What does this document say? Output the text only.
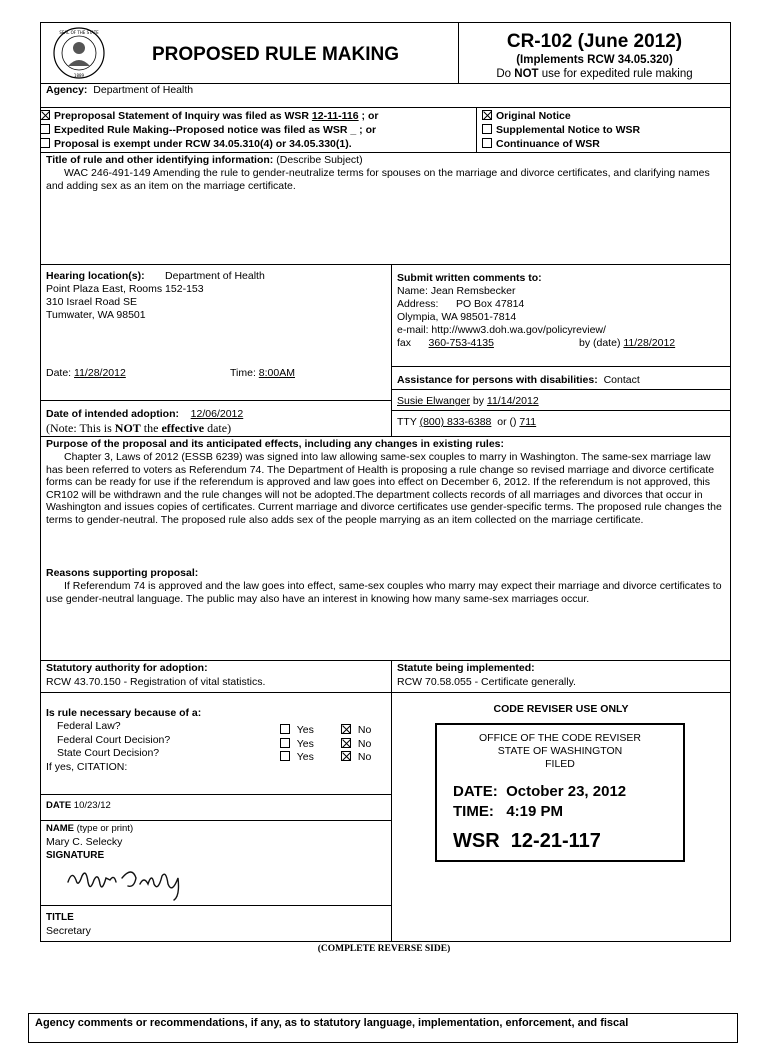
SEAL OF THE STATE
1889
PROPOSED RULE MAKING
CR-102 (June 2012)
(Implements RCW 34.05.320)
Do NOT use for expedited rule making
Agency: Department of Health
Preproposal Statement of Inquiry was filed as WSR 12-11-116 ; or
Expedited Rule Making--Proposed notice was filed as WSR _ ; or
Proposal is exempt under RCW 34.05.310(4) or 34.05.330(1).
Original Notice
Supplemental Notice to WSR
Continuance of WSR
Title of rule and other identifying information: (Describe Subject)
WAC 246-491-149 Amending the rule to gender-neutralize terms for spouses on the marriage and divorce certificates, and clarifying names and adding sex as an item on the marriage certificate.
Hearing location(s): Department of Health
Point Plaza East, Rooms 152-153
310 Israel Road SE
Tumwater, WA 98501
Date: 11/28/2012	Time: 8:00AM
Submit written comments to:
Name: Jean Remsbecker
Address: PO Box 47814
Olympia, WA 98501-7814
e-mail: http://www3.doh.wa.gov/policyreview/
fax 360-753-4135	by (date) 11/28/2012
Date of intended adoption: 12/06/2012
(Note: This is NOT the effective date)
Assistance for persons with disabilities: Contact
Susie Elwanger by 11/14/2012
TTY (800) 833-6388 or () 711
Purpose of the proposal and its anticipated effects, including any changes in existing rules:
Chapter 3, Laws of 2012 (ESSB 6239) was signed into law allowing same-sex couples to marry in Washington. The same-sex marriage law has been referred to voters as Referendum 74. The Department of Health is proposing a rule change so revised marriage and divorce certificate forms can be ready for use if the referendum is approved and law goes into effect on December 6, 2012. If the referendum is not approved, this CR102 will be withdrawn and the rule changes will not be adopted.The department collects records of all marriages and divorces that occur in Washington and issues copies of certificates. Current marriage and divorce certificates use gender-specific terms. The proposed rule changes the terms to gender-neutral. The proposed rule also adds sex of the people marrying as an item collected on the marriage certificate.
Reasons supporting proposal:
If Referendum 74 is approved and the law goes into effect, same-sex couples who marry may expect their marriage and divorce certificates to use gender-neutral language. The public may also have an interest in knowing how many same-sex marriages occur.
Statutory authority for adoption:
RCW 43.70.150 - Registration of vital statistics.
Statute being implemented:
RCW 70.58.055 - Certificate generally.
Is rule necessary because of a:
Federal Law?
Federal Court Decision?
State Court Decision?
If yes, CITATION:
Yes
Yes
Yes
No
No
No
CODE REVISER USE ONLY
OFFICE OF THE CODE REVISER
STATE OF WASHINGTON
FILED
DATE: October 23, 2012
TIME: 4:19 PM
WSR 12-21-117
DATE 10/23/12
NAME (type or print)
Mary C. Selecky
SIGNATURE
TITLE
Secretary
(COMPLETE REVERSE SIDE)
Agency comments or recommendations, if any, as to statutory language, implementation, enforcement, and fiscal
